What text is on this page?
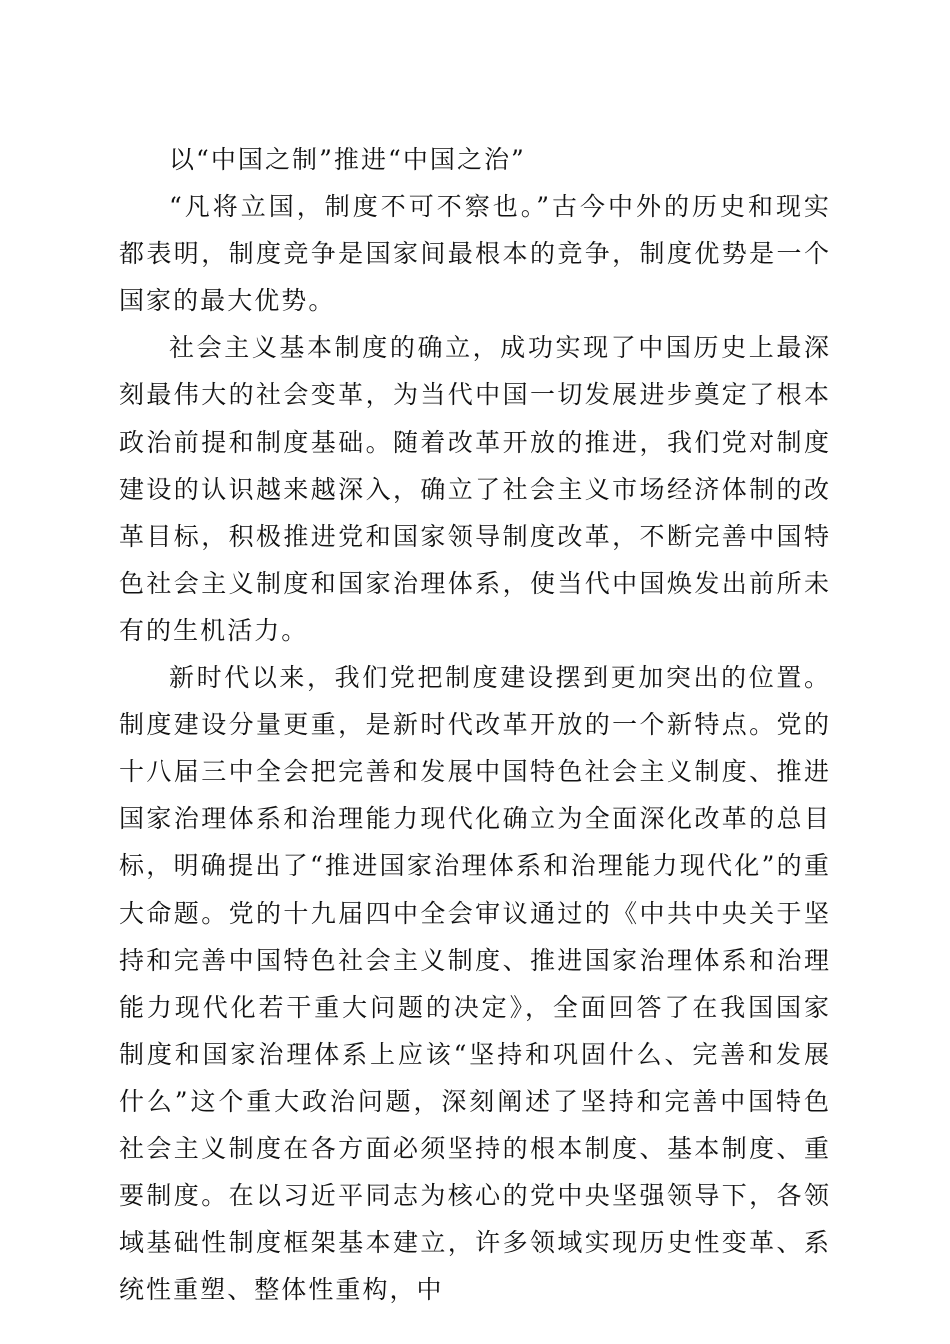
以“中国之制”推进“中国之治”

“凡将立国，制度不可不察也。”古今中外的历史和现实都表明，制度竞争是国家间最根本的竞争，制度优势是一个国家的最大优势。

社会主义基本制度的确立，成功实现了中国历史上最深刻最伟大的社会变革，为当代中国一切发展进步奠定了根本政治前提和制度基础。随着改革开放的推进，我们党对制度建设的认识越来越深入，确立了社会主义市场经济体制的改革目标，积极推进党和国家领导制度改革，不断完善中国特色社会主义制度和国家治理体系，使当代中国焕发出前所未有的生机活力。

新时代以来，我们党把制度建设摆到更加突出的位置。制度建设分量更重，是新时代改革开放的一个新特点。党的十八届三中全会把完善和发展中国特色社会主义制度、推进国家治理体系和治理能力现代化确立为全面深化改革的总目标，明确提出了“推进国家治理体系和治理能力现代化”的重大命题。党的十九届四中全会审议通过的《中共中央关于坚持和完善中国特色社会主义制度、推进国家治理体系和治理能力现代化若干重大问题的决定》，全面回答了在我国国家制度和国家治理体系上应该“坚持和巩固什么、完善和发展什么”这个重大政治问题，深刻阐述了坚持和完善中国特色社会主义制度在各方面必须坚持的根本制度、基本制度、重要制度。在以习近平同志为核心的党中央坚强领导下，各领域基础性制度框架基本建立，许多领域实现历史性变革、系统性重塑、整体性重构，中
